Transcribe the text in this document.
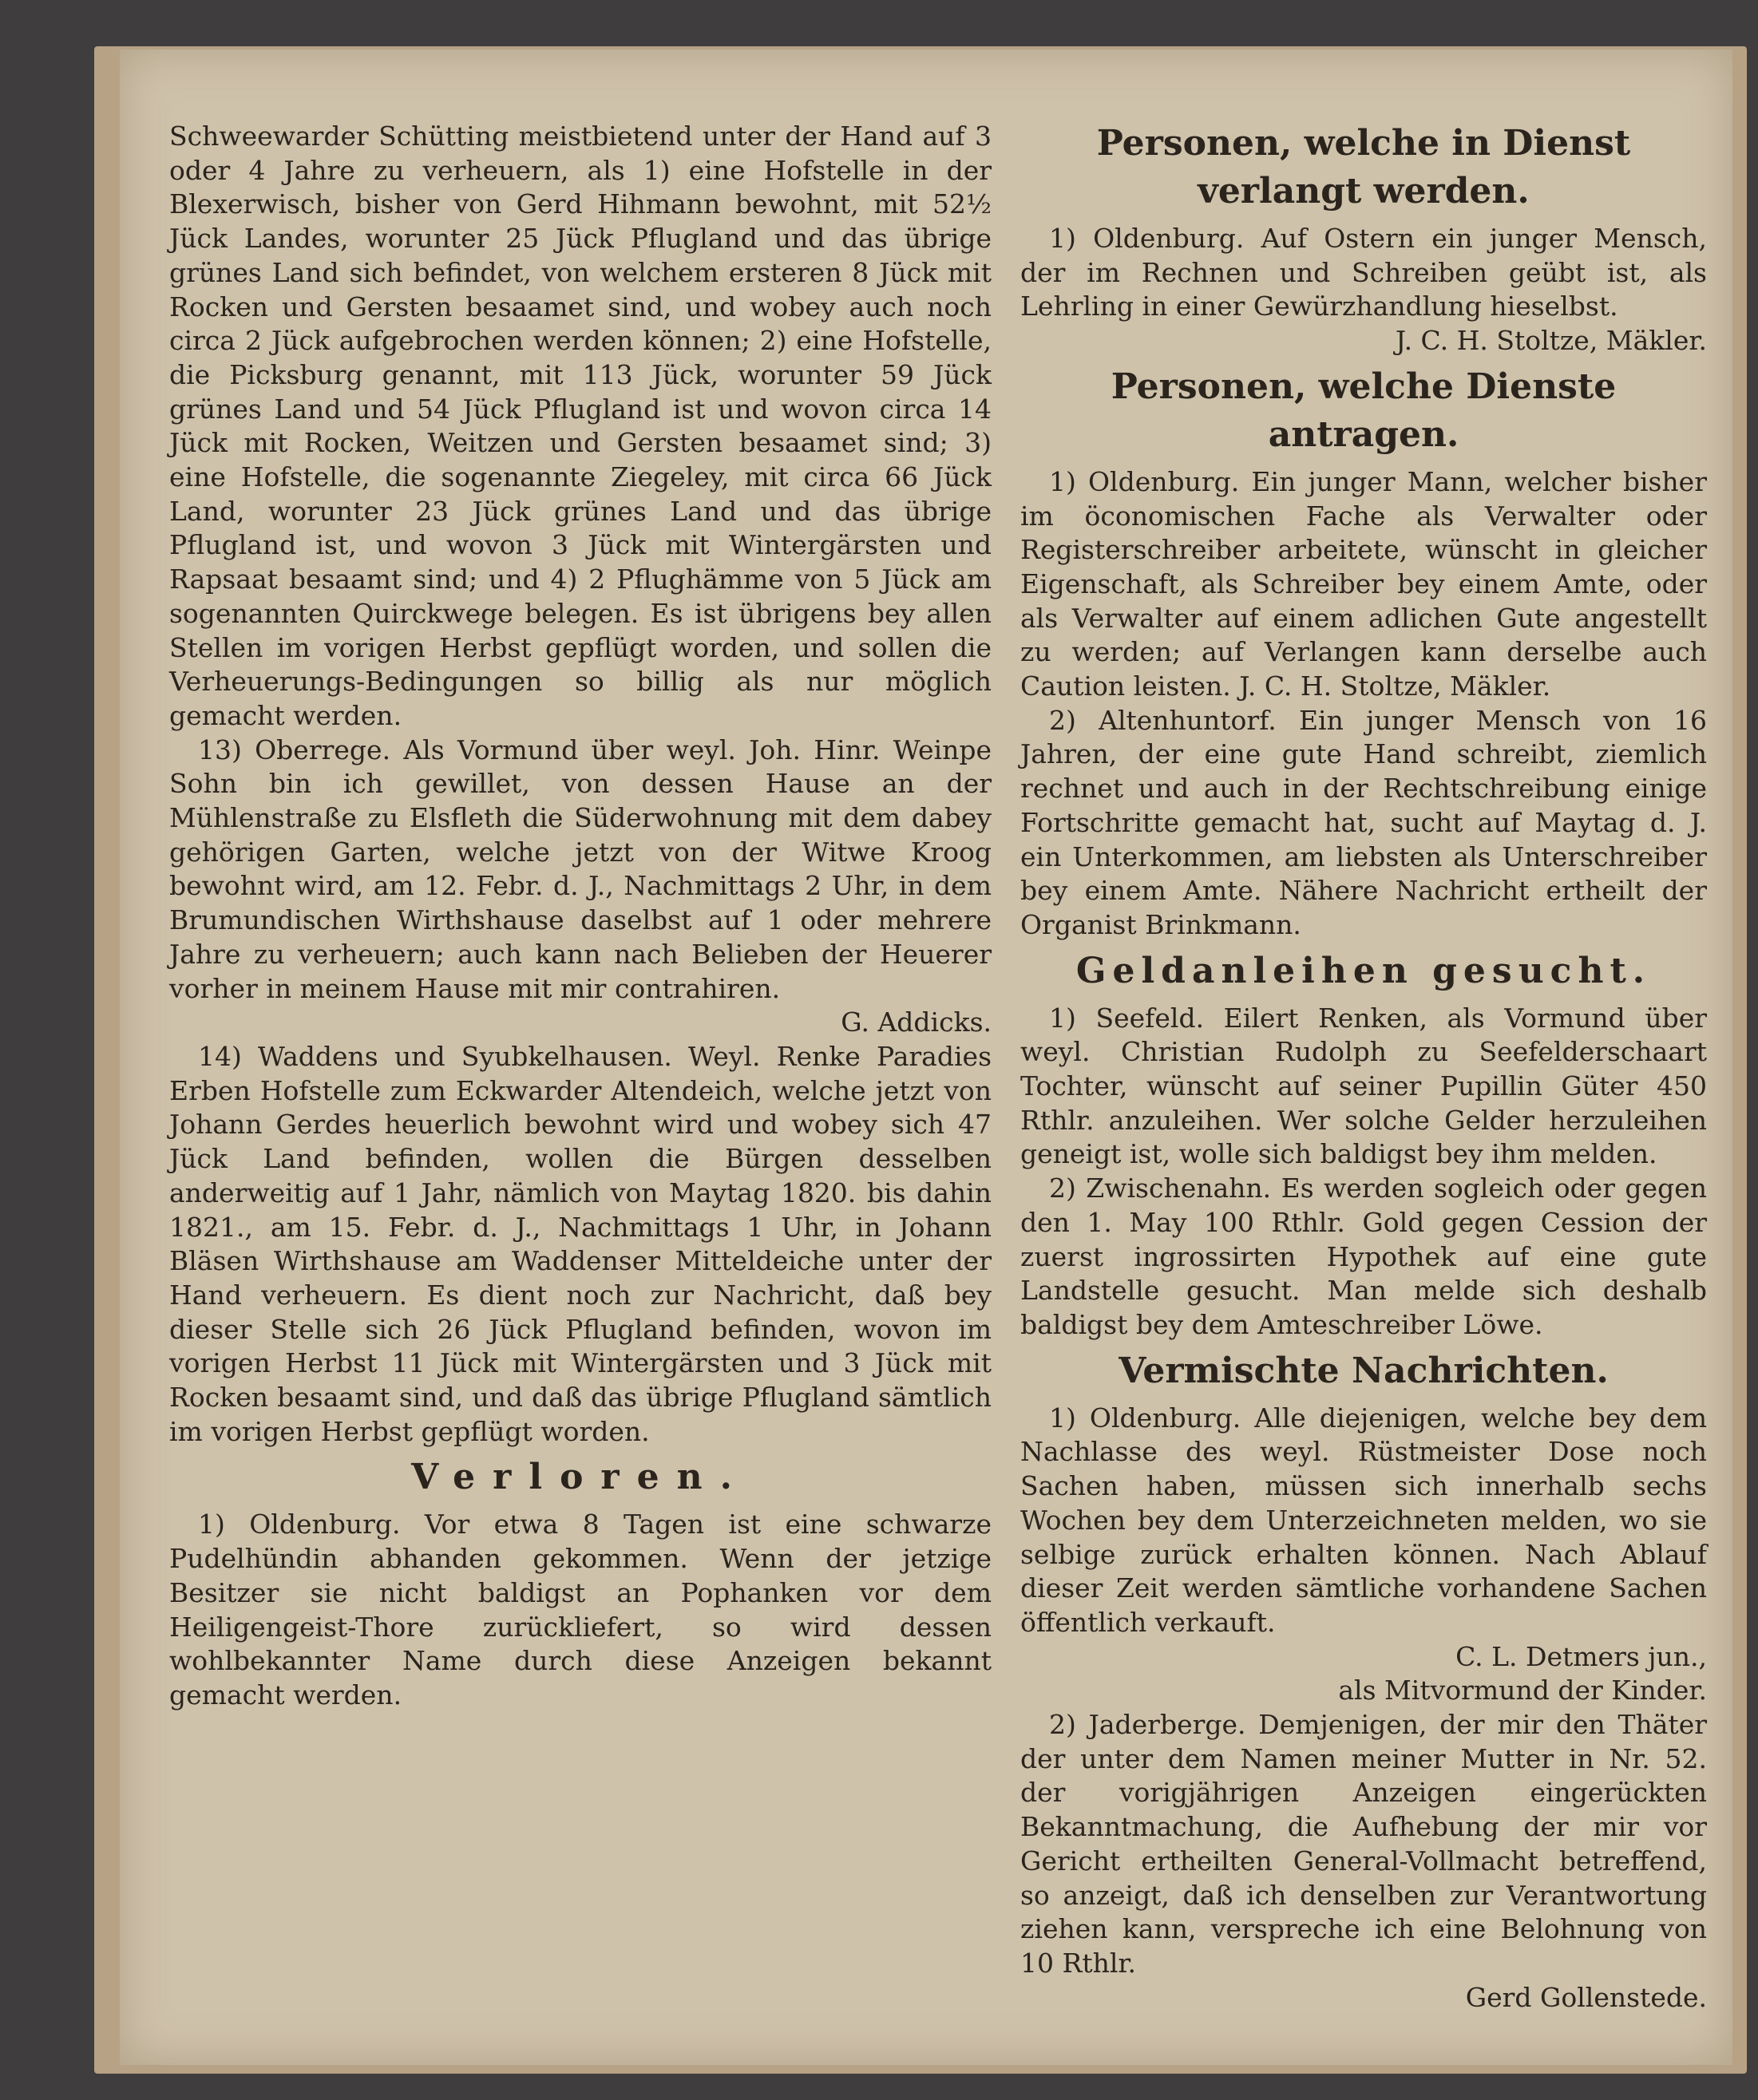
Schweewarder Schütting meistbietend unter der Hand auf 3 oder 4 Jahre zu verheuern, als 1) eine Hofstelle in der Blexerwisch, bisher von Gerd Hihmann bewohnt, mit 52½ Jück Landes, worunter 25 Jück Pflugland und das übrige grünes Land sich befindet, von welchem ersteren 8 Jück mit Rocken und Gersten besaamet sind, und wobey auch noch circa 2 Jück aufgebrochen werden können; 2) eine Hofstelle, die Picksburg genannt, mit 113 Jück, worunter 59 Jück grünes Land und 54 Jück Pflugland ist und wovon circa 14 Jück mit Rocken, Weitzen und Gersten besaamet sind; 3) eine Hofstelle, die sogenannte Ziegeley, mit circa 66 Jück Land, worunter 23 Jück grünes Land und das übrige Pflugland ist, und wovon 3 Jück mit Wintergärsten und Rapsaat besaamt sind; und 4) 2 Pflughämme von 5 Jück am sogenannten Quirckwege belegen. Es ist übrigens bey allen Stellen im vorigen Herbst gepflügt worden, und sollen die Verheuerungs-Bedingungen so billig als nur möglich gemacht werden.

13) Oberrege. Als Vormund über weyl. Joh. Hinr. Weinpe Sohn bin ich gewillet, von dessen Hause an der Mühlenstraße zu Elsfleth die Süderwohnung mit dem dabey gehörigen Garten, welche jetzt von der Witwe Kroog bewohnt wird, am 12. Febr. d. J., Nachmittags 2 Uhr, in dem Brumundischen Wirthshause daselbst auf 1 oder mehrere Jahre zu verheuern; auch kann nach Belieben der Heuerer vorher in meinem Hause mit mir contrahiren.

G. Addicks.

14) Waddens und Syubkelhausen. Weyl. Renke Paradies Erben Hofstelle zum Eckwarder Altendeich, welche jetzt von Johann Gerdes heuerlich bewohnt wird und wobey sich 47 Jück Land befinden, wollen die Bürgen desselben anderweitig auf 1 Jahr, nämlich von Maytag 1820. bis dahin 1821., am 15. Febr. d. J., Nachmittags 1 Uhr, in Johann Bläsen Wirthshause am Waddenser Mitteldeiche unter der Hand verheuern. Es dient noch zur Nachricht, daß bey dieser Stelle sich 26 Jück Pflugland befinden, wovon im vorigen Herbst 11 Jück mit Wintergärsten und 3 Jück mit Rocken besaamt sind, und daß das übrige Pflugland sämtlich im vorigen Herbst gepflügt worden.

Verloren.

1) Oldenburg. Vor etwa 8 Tagen ist eine schwarze Pudelhündin abhanden gekommen. Wenn der jetzige Besitzer sie nicht baldigst an Pophanken vor dem Heiligengeist-Thore zurückliefert, so wird dessen wohlbekannter Name durch diese Anzeigen bekannt gemacht werden.

Personen, welche in Dienst verlangt werden.

1) Oldenburg. Auf Ostern ein junger Mensch, der im Rechnen und Schreiben geübt ist, als Lehrling in einer Gewürzhandlung hieselbst.

J. C. H. Stoltze, Mäkler.

Personen, welche Dienste antragen.

1) Oldenburg. Ein junger Mann, welcher bisher im öconomischen Fache als Verwalter oder Registerschreiber arbeitete, wünscht in gleicher Eigenschaft, als Schreiber bey einem Amte, oder als Verwalter auf einem adlichen Gute angestellt zu werden; auf Verlangen kann derselbe auch Caution leisten. J. C. H. Stoltze, Mäkler.

2) Altenhuntorf. Ein junger Mensch von 16 Jahren, der eine gute Hand schreibt, ziemlich rechnet und auch in der Rechtschreibung einige Fortschritte gemacht hat, sucht auf Maytag d. J. ein Unterkommen, am liebsten als Unterschreiber bey einem Amte. Nähere Nachricht ertheilt der Organist Brinkmann.

Geldanleihen gesucht.

1) Seefeld. Eilert Renken, als Vormund über weyl. Christian Rudolph zu Seefelderschaart Tochter, wünscht auf seiner Pupillin Güter 450 Rthlr. anzuleihen. Wer solche Gelder herzuleihen geneigt ist, wolle sich baldigst bey ihm melden.

2) Zwischenahn. Es werden sogleich oder gegen den 1. May 100 Rthlr. Gold gegen Cession der zuerst ingrossirten Hypothek auf eine gute Landstelle gesucht. Man melde sich deshalb baldigst bey dem Amteschreiber Löwe.

Vermischte Nachrichten.

1) Oldenburg. Alle diejenigen, welche bey dem Nachlasse des weyl. Rüstmeister Dose noch Sachen haben, müssen sich innerhalb sechs Wochen bey dem Unterzeichneten melden, wo sie selbige zurück erhalten können. Nach Ablauf dieser Zeit werden sämtliche vorhandene Sachen öffentlich verkauft.

C. L. Detmers jun.,

als Mitvormund der Kinder.

2) Jaderberge. Demjenigen, der mir den Thäter der unter dem Namen meiner Mutter in Nr. 52. der vorigjährigen Anzeigen eingerückten Bekanntmachung, die Aufhebung der mir vor Gericht ertheilten General-Vollmacht betreffend, so anzeigt, daß ich denselben zur Verantwortung ziehen kann, verspreche ich eine Belohnung von 10 Rthlr.

Gerd Gollenstede.
